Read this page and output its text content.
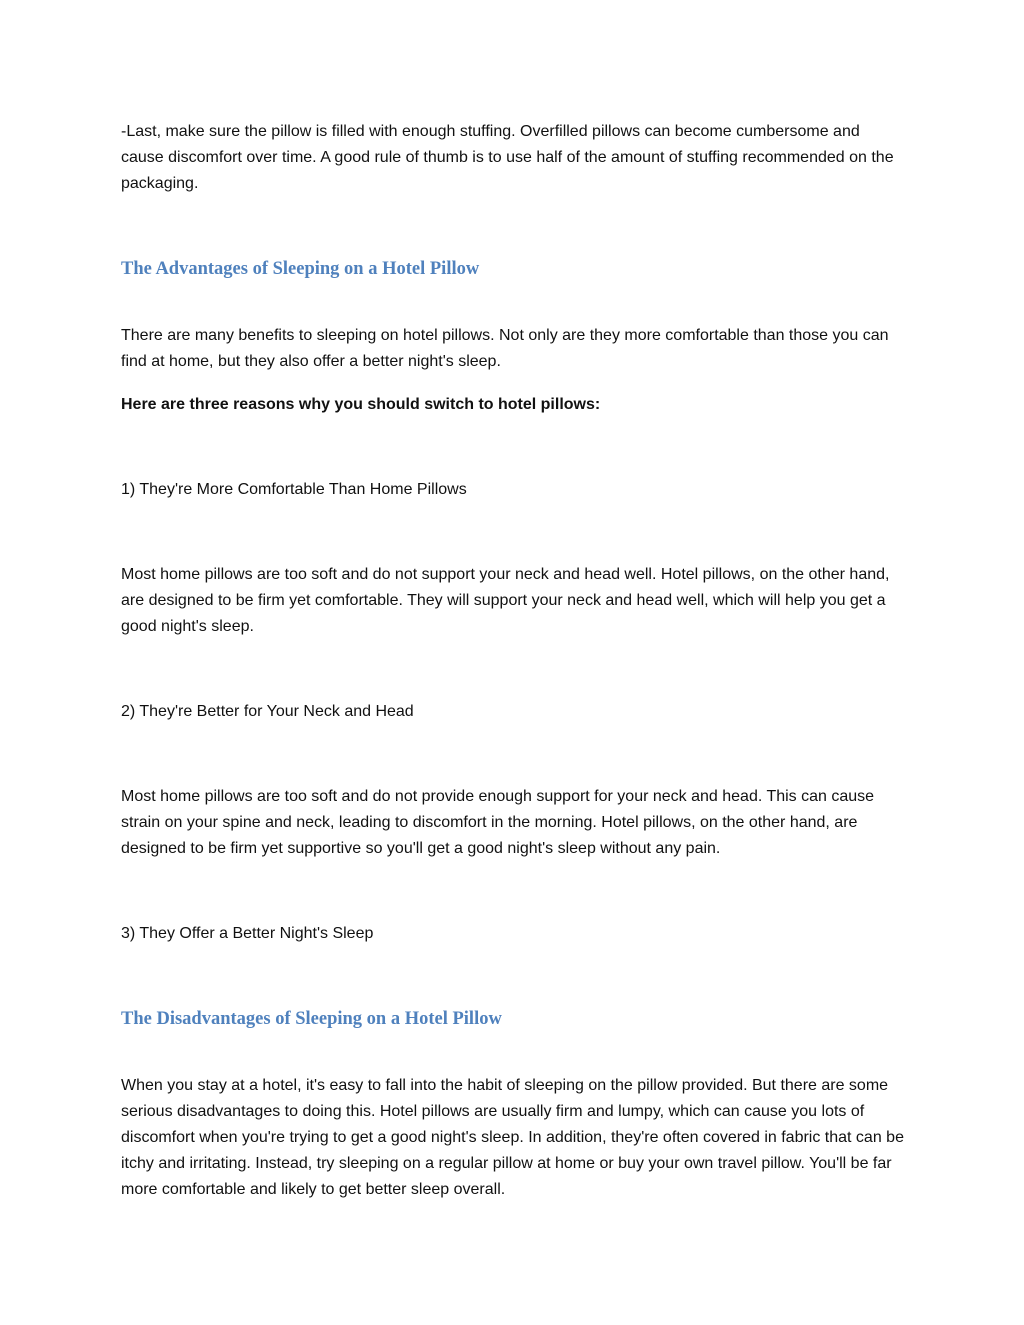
-Last, make sure the pillow is filled with enough stuffing. Overfilled pillows can become cumbersome and cause discomfort over time. A good rule of thumb is to use half of the amount of stuffing recommended on the packaging.

The Advantages of Sleeping on a Hotel Pillow

There are many benefits to sleeping on hotel pillows. Not only are they more comfortable than those you can find at home, but they also offer a better night's sleep.

Here are three reasons why you should switch to hotel pillows:

1) They're More Comfortable Than Home Pillows

Most home pillows are too soft and do not support your neck and head well. Hotel pillows, on the other hand, are designed to be firm yet comfortable. They will support your neck and head well, which will help you get a good night's sleep.

2) They're Better for Your Neck and Head

Most home pillows are too soft and do not provide enough support for your neck and head. This can cause strain on your spine and neck, leading to discomfort in the morning. Hotel pillows, on the other hand, are designed to be firm yet supportive so you'll get a good night's sleep without any pain.

3) They Offer a Better Night's Sleep

The Disadvantages of Sleeping on a Hotel Pillow

When you stay at a hotel, it's easy to fall into the habit of sleeping on the pillow provided. But there are some serious disadvantages to doing this. Hotel pillows are usually firm and lumpy, which can cause you lots of discomfort when you're trying to get a good night's sleep. In addition, they're often covered in fabric that can be itchy and irritating. Instead, try sleeping on a regular pillow at home or buy your own travel pillow. You'll be far more comfortable and likely to get better sleep overall.
